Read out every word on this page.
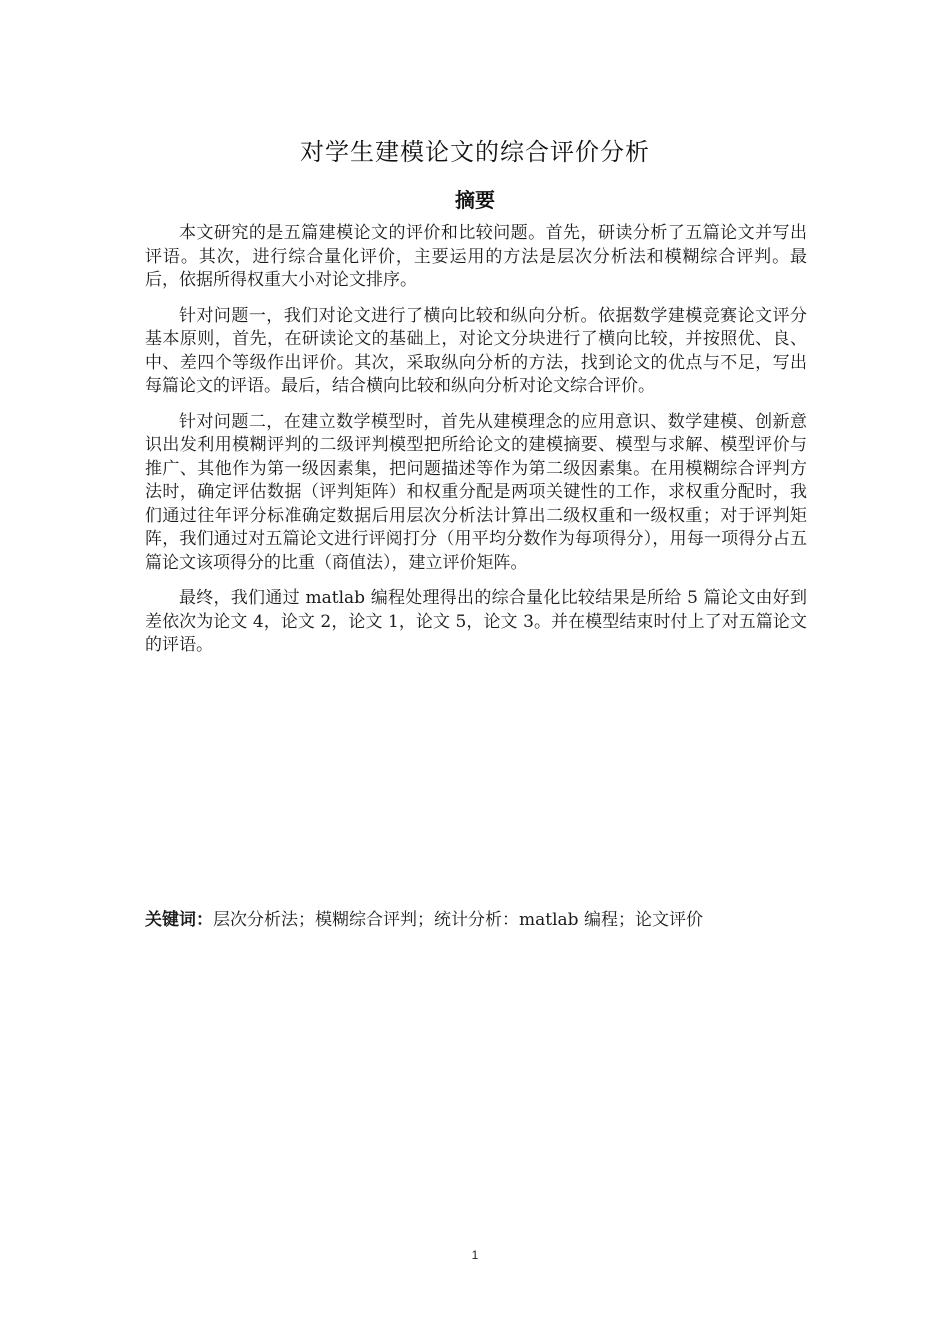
对学生建模论文的综合评价分析
摘要

本文研究的是五篇建模论文的评价和比较问题。首先，研读分析了五篇论文并写出评语。其次，进行综合量化评价，主要运用的方法是层次分析法和模糊综合评判。最后，依据所得权重大小对论文排序。

针对问题一，我们对论文进行了横向比较和纵向分析。依据数学建模竞赛论文评分基本原则，首先，在研读论文的基础上，对论文分块进行了横向比较，并按照优、良、中、差四个等级作出评价。其次，采取纵向分析的方法，找到论文的优点与不足，写出每篇论文的评语。最后，结合横向比较和纵向分析对论文综合评价。

针对问题二，在建立数学模型时，首先从建模理念的应用意识、数学建模、创新意识出发利用模糊评判的二级评判模型把所给论文的建模摘要、模型与求解、模型评价与推广、其他作为第一级因素集，把问题描述等作为第二级因素集。在用模糊综合评判方法时，确定评估数据（评判矩阵）和权重分配是两项关键性的工作，求权重分配时，我们通过往年评分标准确定数据后用层次分析法计算出二级权重和一级权重；对于评判矩阵，我们通过对五篇论文进行评阅打分（用平均分数作为每项得分），用每一项得分占五篇论文该项得分的比重（商值法），建立评价矩阵。

最终，我们通过 matlab 编程处理得出的综合量化比较结果是所给 5 篇论文由好到差依次为论文 4，论文 2，论文 1，论文 5，论文 3。并在模型结束时付上了对五篇论文的评语。

关键词：层次分析法；模糊综合评判；统计分析：matlab 编程；论文评价
1
